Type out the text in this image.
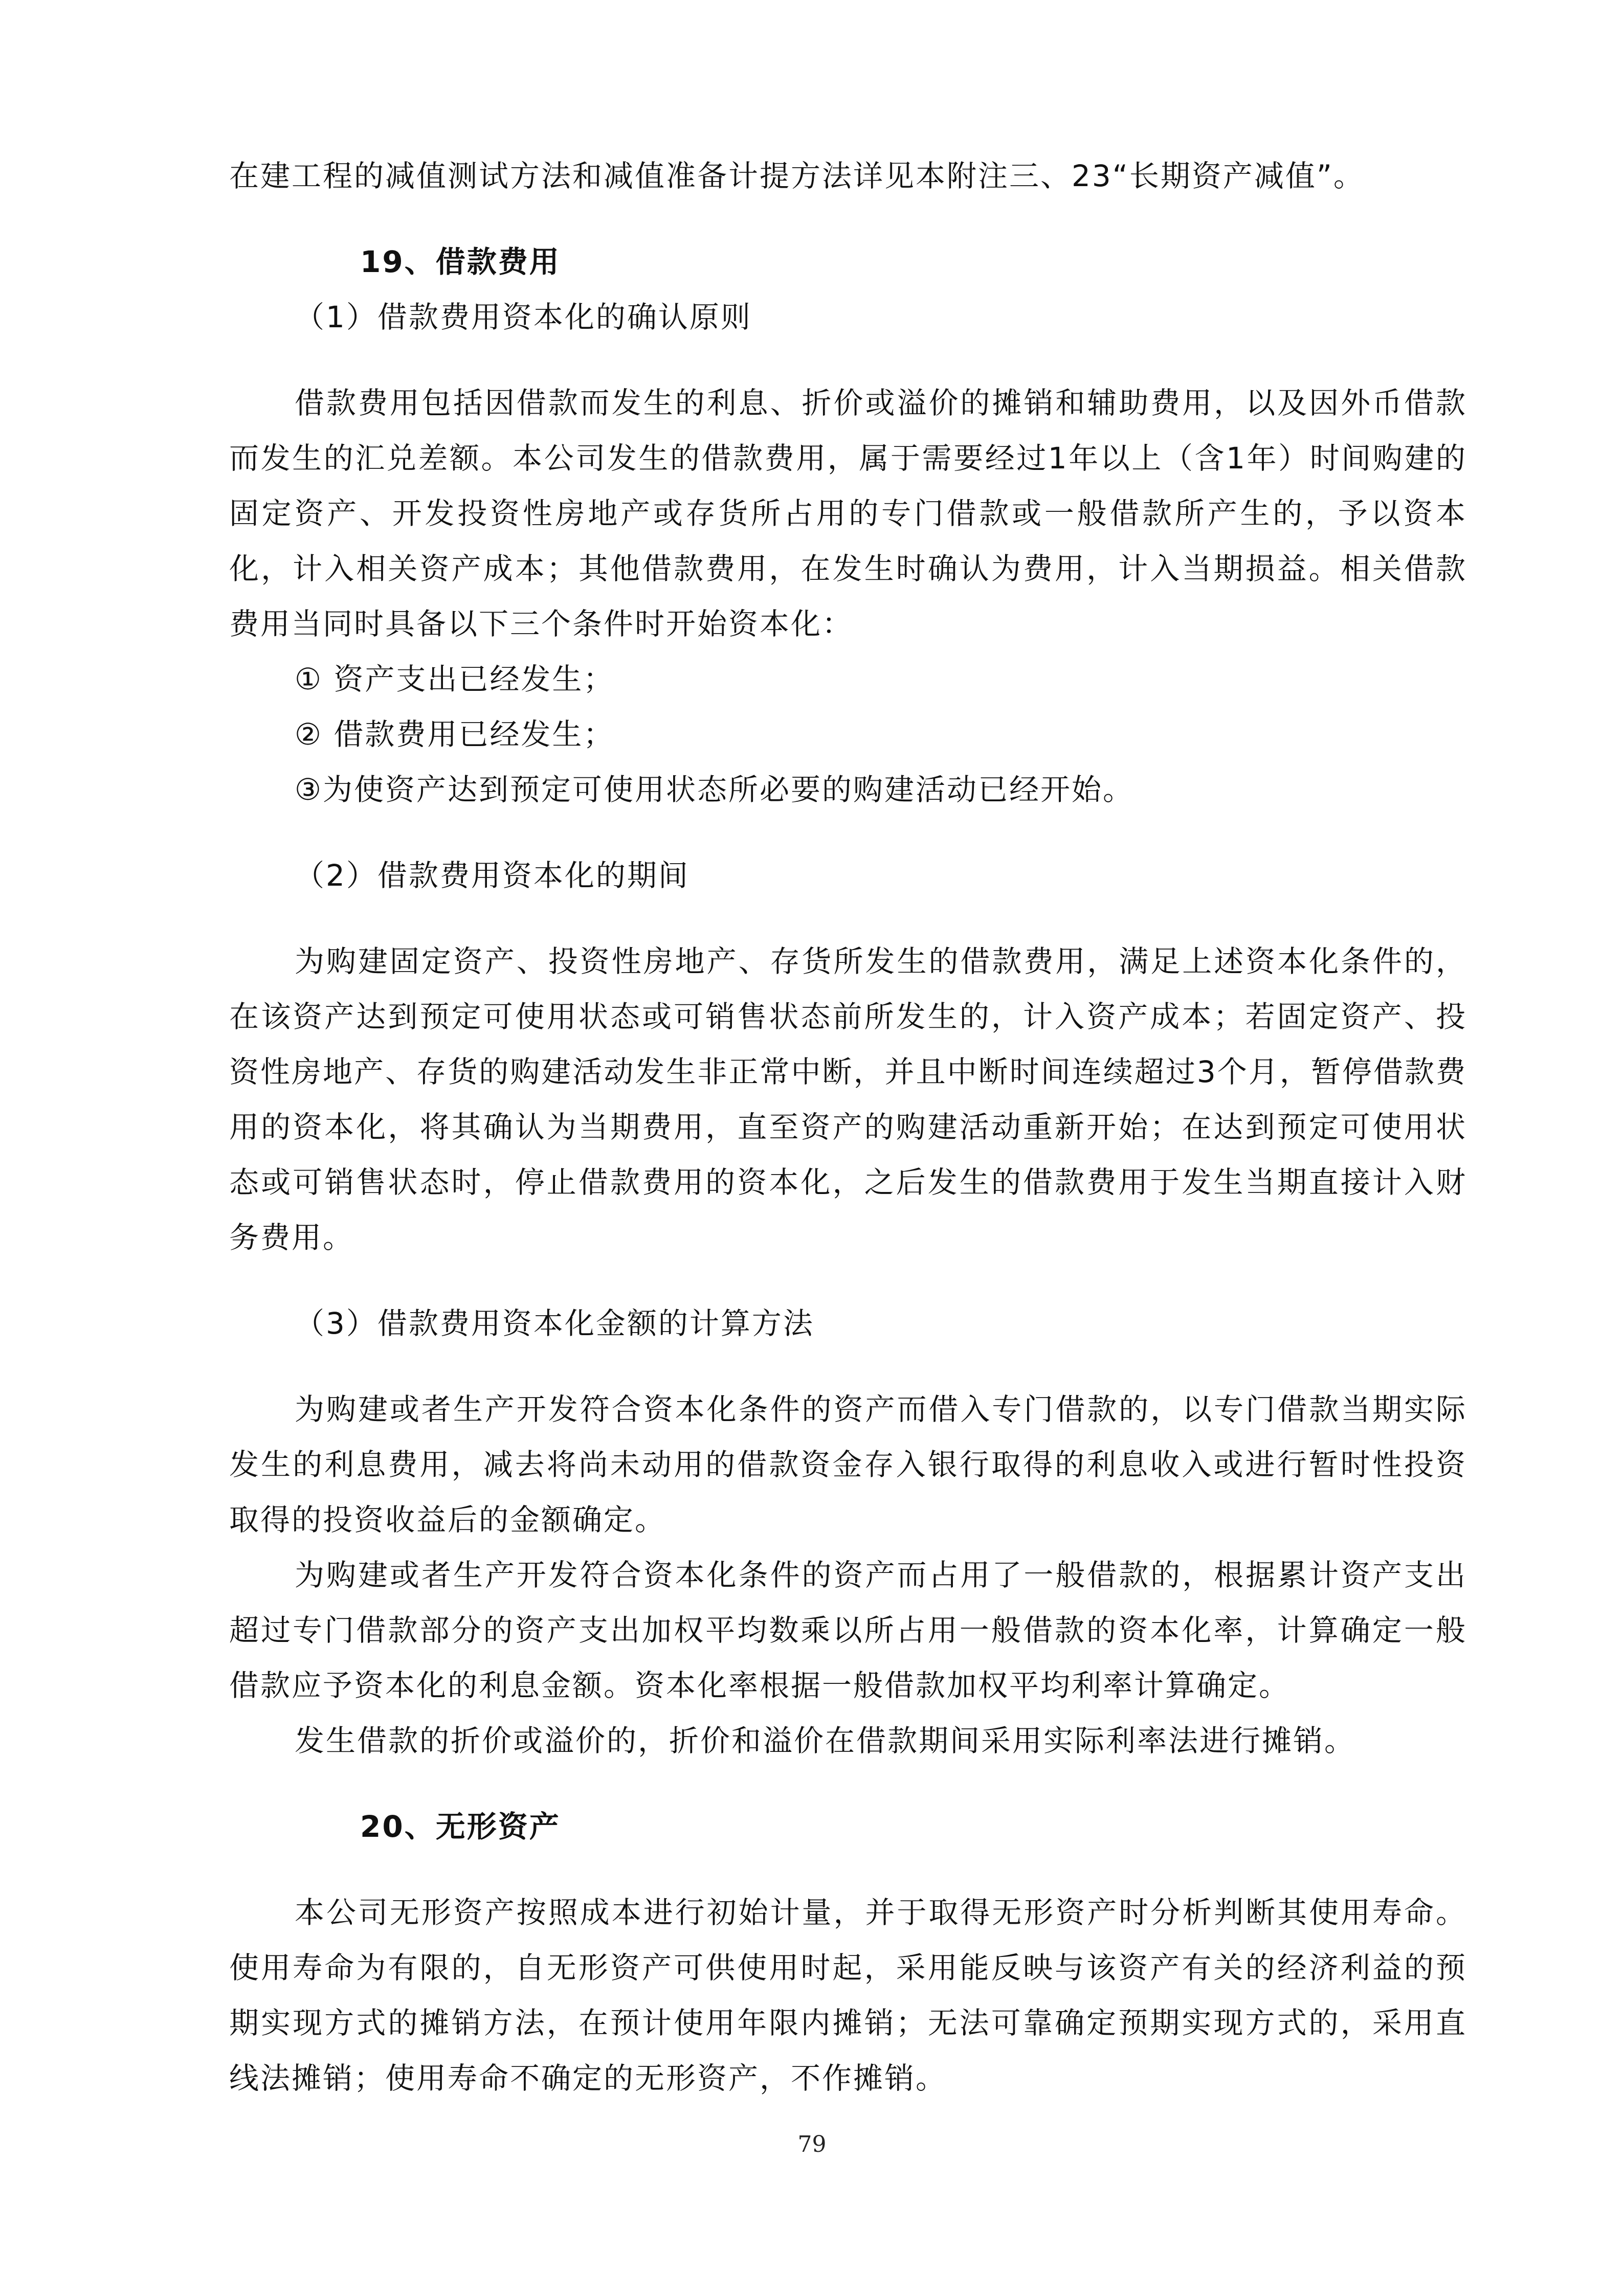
在建工程的减值测试方法和减值准备计提方法详见本附注三、23“长期资产减值”。

19、借款费用

（1）借款费用资本化的确认原则

借款费用包括因借款而发生的利息、折价或溢价的摊销和辅助费用，以及因外币借款而发生的汇兑差额。本公司发生的借款费用，属于需要经过1年以上（含1年）时间购建的固定资产、开发投资性房地产或存货所占用的专门借款或一般借款所产生的，予以资本化，计入相关资产成本；其他借款费用，在发生时确认为费用，计入当期损益。相关借款费用当同时具备以下三个条件时开始资本化：

① 资产支出已经发生；

② 借款费用已经发生；

③为使资产达到预定可使用状态所必要的购建活动已经开始。

（2）借款费用资本化的期间

为购建固定资产、投资性房地产、存货所发生的借款费用，满足上述资本化条件的，在该资产达到预定可使用状态或可销售状态前所发生的，计入资产成本；若固定资产、投资性房地产、存货的购建活动发生非正常中断，并且中断时间连续超过3个月，暂停借款费用的资本化，将其确认为当期费用，直至资产的购建活动重新开始；在达到预定可使用状态或可销售状态时，停止借款费用的资本化，之后发生的借款费用于发生当期直接计入财务费用。

（3）借款费用资本化金额的计算方法

为购建或者生产开发符合资本化条件的资产而借入专门借款的，以专门借款当期实际发生的利息费用，减去将尚未动用的借款资金存入银行取得的利息收入或进行暂时性投资取得的投资收益后的金额确定。

为购建或者生产开发符合资本化条件的资产而占用了一般借款的，根据累计资产支出超过专门借款部分的资产支出加权平均数乘以所占用一般借款的资本化率，计算确定一般借款应予资本化的利息金额。资本化率根据一般借款加权平均利率计算确定。

发生借款的折价或溢价的，折价和溢价在借款期间采用实际利率法进行摊销。

20、无形资产

本公司无形资产按照成本进行初始计量，并于取得无形资产时分析判断其使用寿命。使用寿命为有限的，自无形资产可供使用时起，采用能反映与该资产有关的经济利益的预期实现方式的摊销方法，在预计使用年限内摊销；无法可靠确定预期实现方式的，采用直线法摊销；使用寿命不确定的无形资产，不作摊销。

79
